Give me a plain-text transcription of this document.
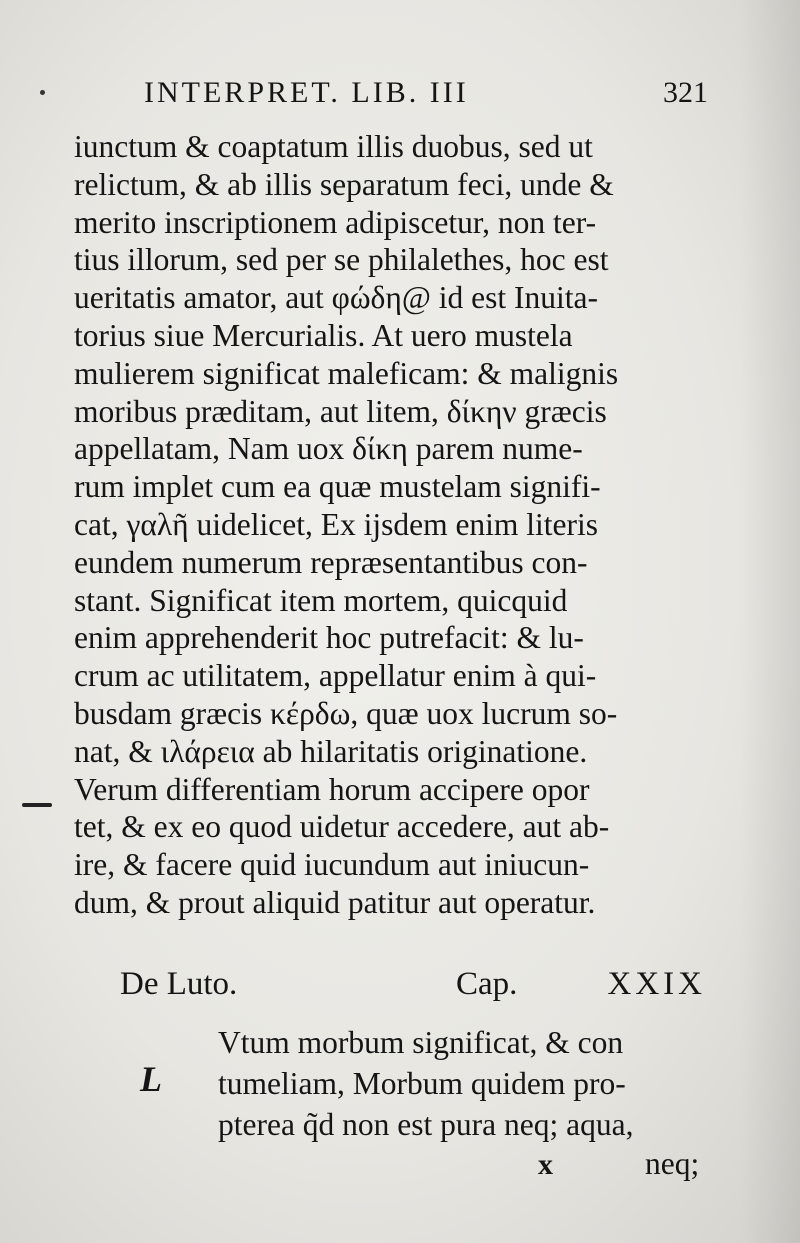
INTERPRET. LIB. III	321
iunctum & coaptatum illis duobus, sed ut
relictum, & ab illis separatum feci, unde &
merito inscriptionem adipiscetur, non ter-
tius illorum, sed per se philalethes, hoc est
ueritatis amator, aut φώδη@ id est Inuita-
torius siue Mercurialis. At uero mustela
mulierem significat maleficam: & malignis
moribus præditam, aut litem, δίκην græcis
appellatam, Nam uox δίκη parem nume-
rum implet cum ea quæ mustelam signifi-
cat, γαλῆ uidelicet, Ex ijsdem enim literis
eundem numerum repræsentantibus con-
stant. Significat item mortem, quicquid
enim apprehenderit hoc putrefacit: & lu-
crum ac utilitatem, appellatur enim à qui-
busdam græcis κέρδω, quæ uox lucrum so-
nat, & ιλάρεια ab hilaritatis originatione.
Verum differentiam horum accipere opor
tet, & ex eo quod uidetur accedere, aut ab-
ire, & facere quid iucundum aut iniucun-
dum, & prout aliquid patitur aut operatur.
De Luto.	Cap.	XXIX
L
Vtum morbum significat, & con
tumeliam, Morbum quidem pro-
pterea q̃d non est pura neq; aqua,
x	neq;
